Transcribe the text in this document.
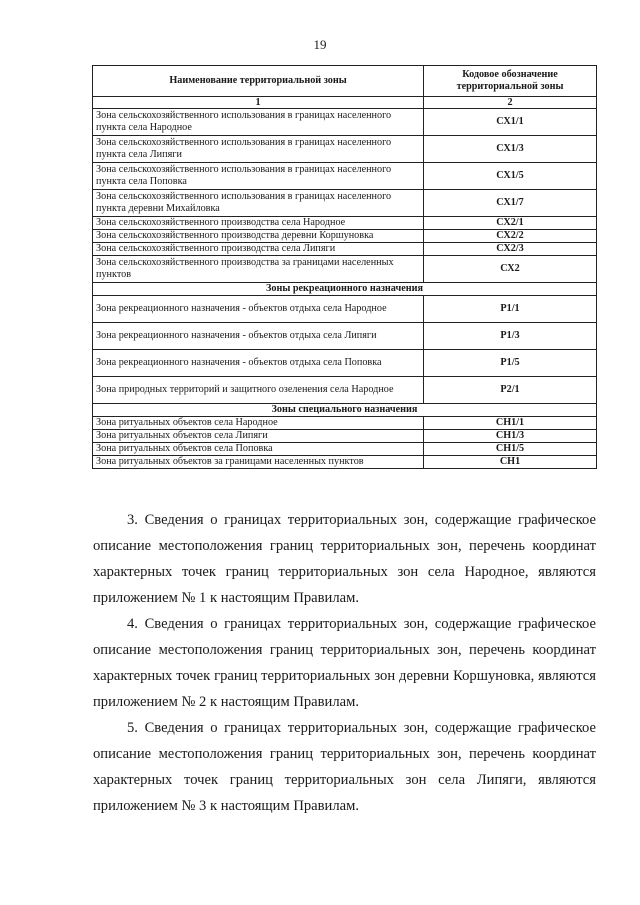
19
Наименование территориальной зоны	Кодовое обозначение территориальной зоны
1	2
Зона сельскохозяйственного использования в границах населенного пункта села Народное	СХ1/1
Зона сельскохозяйственного использования в границах населенного пункта села Липяги	СХ1/3
Зона сельскохозяйственного использования в границах населенного пункта села Поповка	СХ1/5
Зона сельскохозяйственного использования в границах населенного пункта деревни Михайловка	СХ1/7
Зона сельскохозяйственного производства села Народное	СХ2/1
Зона сельскохозяйственного производства деревни Коршуновка	СХ2/2
Зона сельскохозяйственного производства села Липяги	СХ2/3
Зона сельскохозяйственного производства за границами населенных пунктов	СХ2
Зоны рекреационного назначения	
Зона рекреационного назначения - объектов отдыха села Народное	Р1/1
Зона рекреационного назначения - объектов отдыха села Липяги	Р1/3
Зона рекреационного назначения - объектов отдыха села Поповка	Р1/5
Зона природных территорий и защитного озеленения села Народное	Р2/1
Зоны специального назначения	
Зона ритуальных объектов села Народное	СН1/1
Зона ритуальных объектов села Липяги	СН1/3
Зона ритуальных объектов села Поповка	СН1/5
Зона ритуальных объектов за границами населенных пунктов	СН1

3. Сведения о границах территориальных зон, содержащие графическое описание местоположения границ территориальных зон, перечень координат характерных точек границ территориальных зон села Народное, являются приложением № 1 к настоящим Правилам.

4. Сведения о границах территориальных зон, содержащие графическое описание местоположения границ территориальных зон, перечень координат характерных точек границ территориальных зон деревни Коршуновка, являются приложением № 2 к настоящим Правилам.

5. Сведения о границах территориальных зон, содержащие графическое описание местоположения границ территориальных зон, перечень координат характерных точек границ территориальных зон села Липяги, являются приложением № 3 к настоящим Правилам.
